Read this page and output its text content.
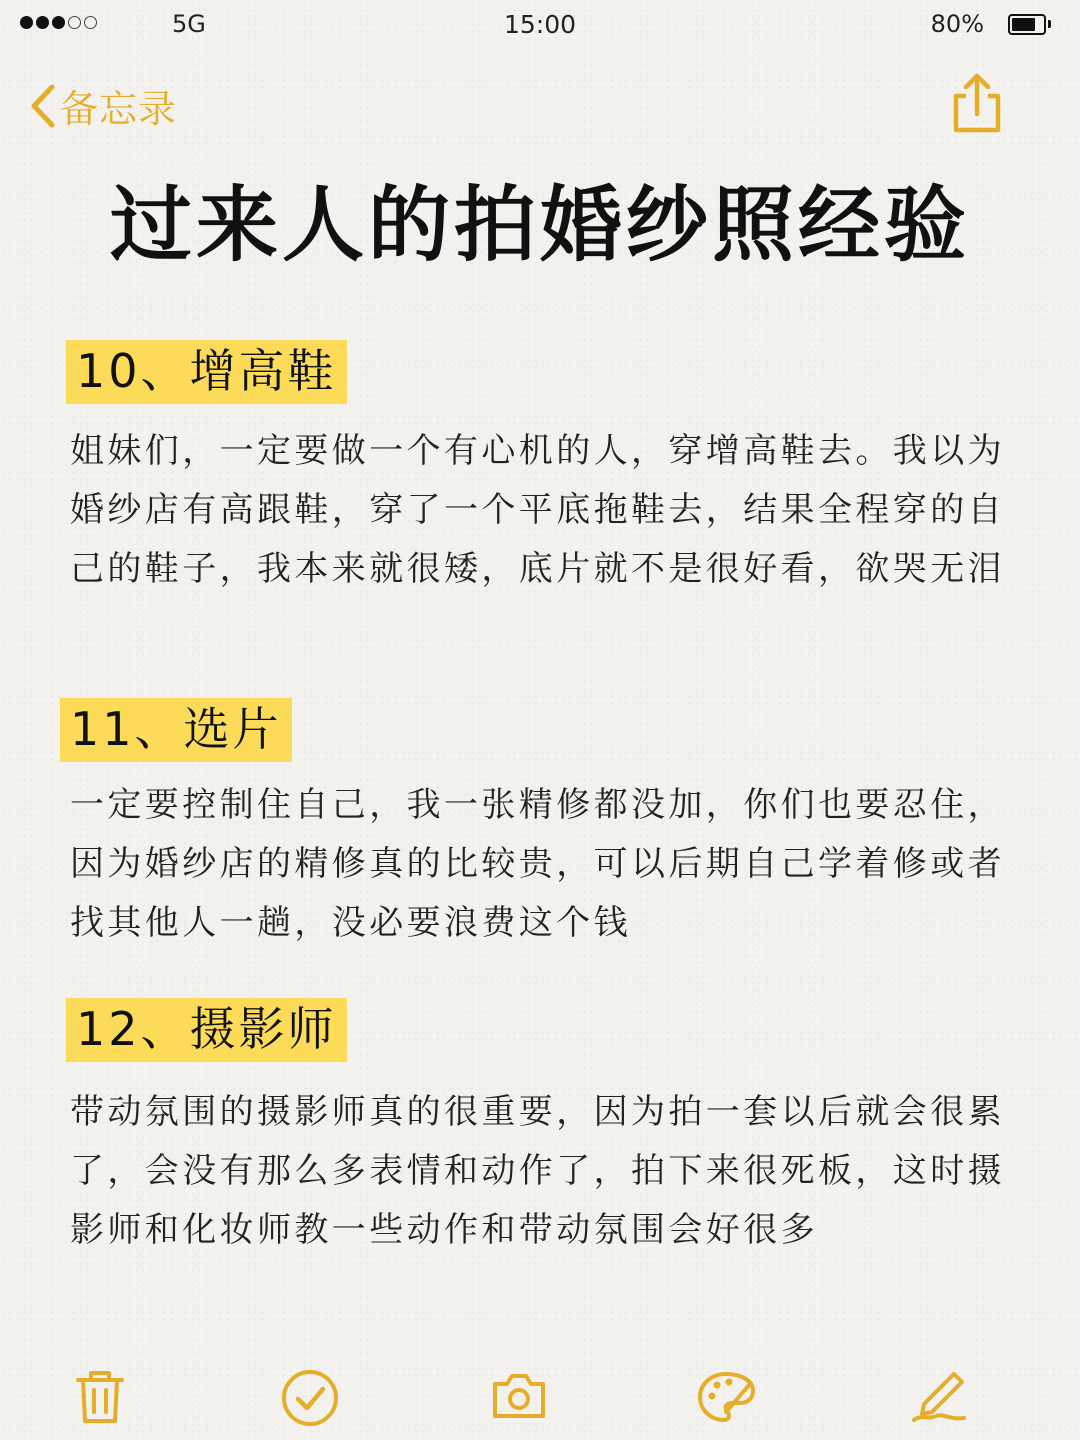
5G	15:00	80%
备忘录
过来人的拍婚纱照经验
10、增高鞋

姐妹们，一定要做一个有心机的人，穿增高鞋去。我以为婚纱店有高跟鞋，穿了一个平底拖鞋去，结果全程穿的自己的鞋子，我本来就很矮，底片就不是很好看，欲哭无泪

11、选片

一定要控制住自己，我一张精修都没加，你们也要忍住，因为婚纱店的精修真的比较贵，可以后期自己学着修或者找其他人一趟，没必要浪费这个钱

12、摄影师

带动氛围的摄影师真的很重要，因为拍一套以后就会很累了，会没有那么多表情和动作了，拍下来很死板，这时摄影师和化妆师教一些动作和带动氛围会好很多
